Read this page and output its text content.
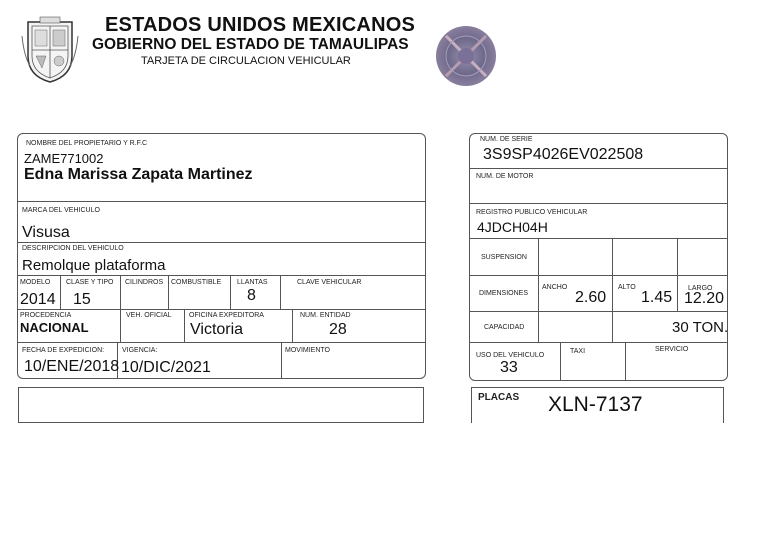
ESTADOS UNIDOS MEXICANOS
GOBIERNO DEL ESTADO DE TAMAULIPAS
TARJETA DE CIRCULACION VEHICULAR
NOMBRE DEL PROPIETARIO Y R.F.C
ZAME771002
Edna Marissa Zapata Martinez
MARCA DEL VEHICULO
Visusa
DESCRIPCION DEL VEHICULO
Remolque plataforma
MODELO
2014
CLASE Y TIPO
15
CILINDROS COMBUSTIBLE LLANTAS
8
CLAVE VEHICULAR
PROCEDENCIA
NACIONAL
VEH. OFICIAL OFICINA EXPEDITORA
Victoria
NUM. ENTIDAD
28
FECHA DE EXPEDICION:
10/ENE/2018
VIGENCIA:
10/DIC/2021
MOVIMIENTO
NUM. DE SERIE
3S9SP4026EV022508
NUM. DE MOTOR
REGISTRO PUBLICO VEHICULAR
4JDCH04H
SUSPENSION
DIMENSIONES
ANCHO
2.60
ALTO
1.45
LARGO
12.20
CAPACIDAD	30 TON.
USO DEL VEHICULO
33
TAXI	SERVICIO
PLACAS XLN-7137
